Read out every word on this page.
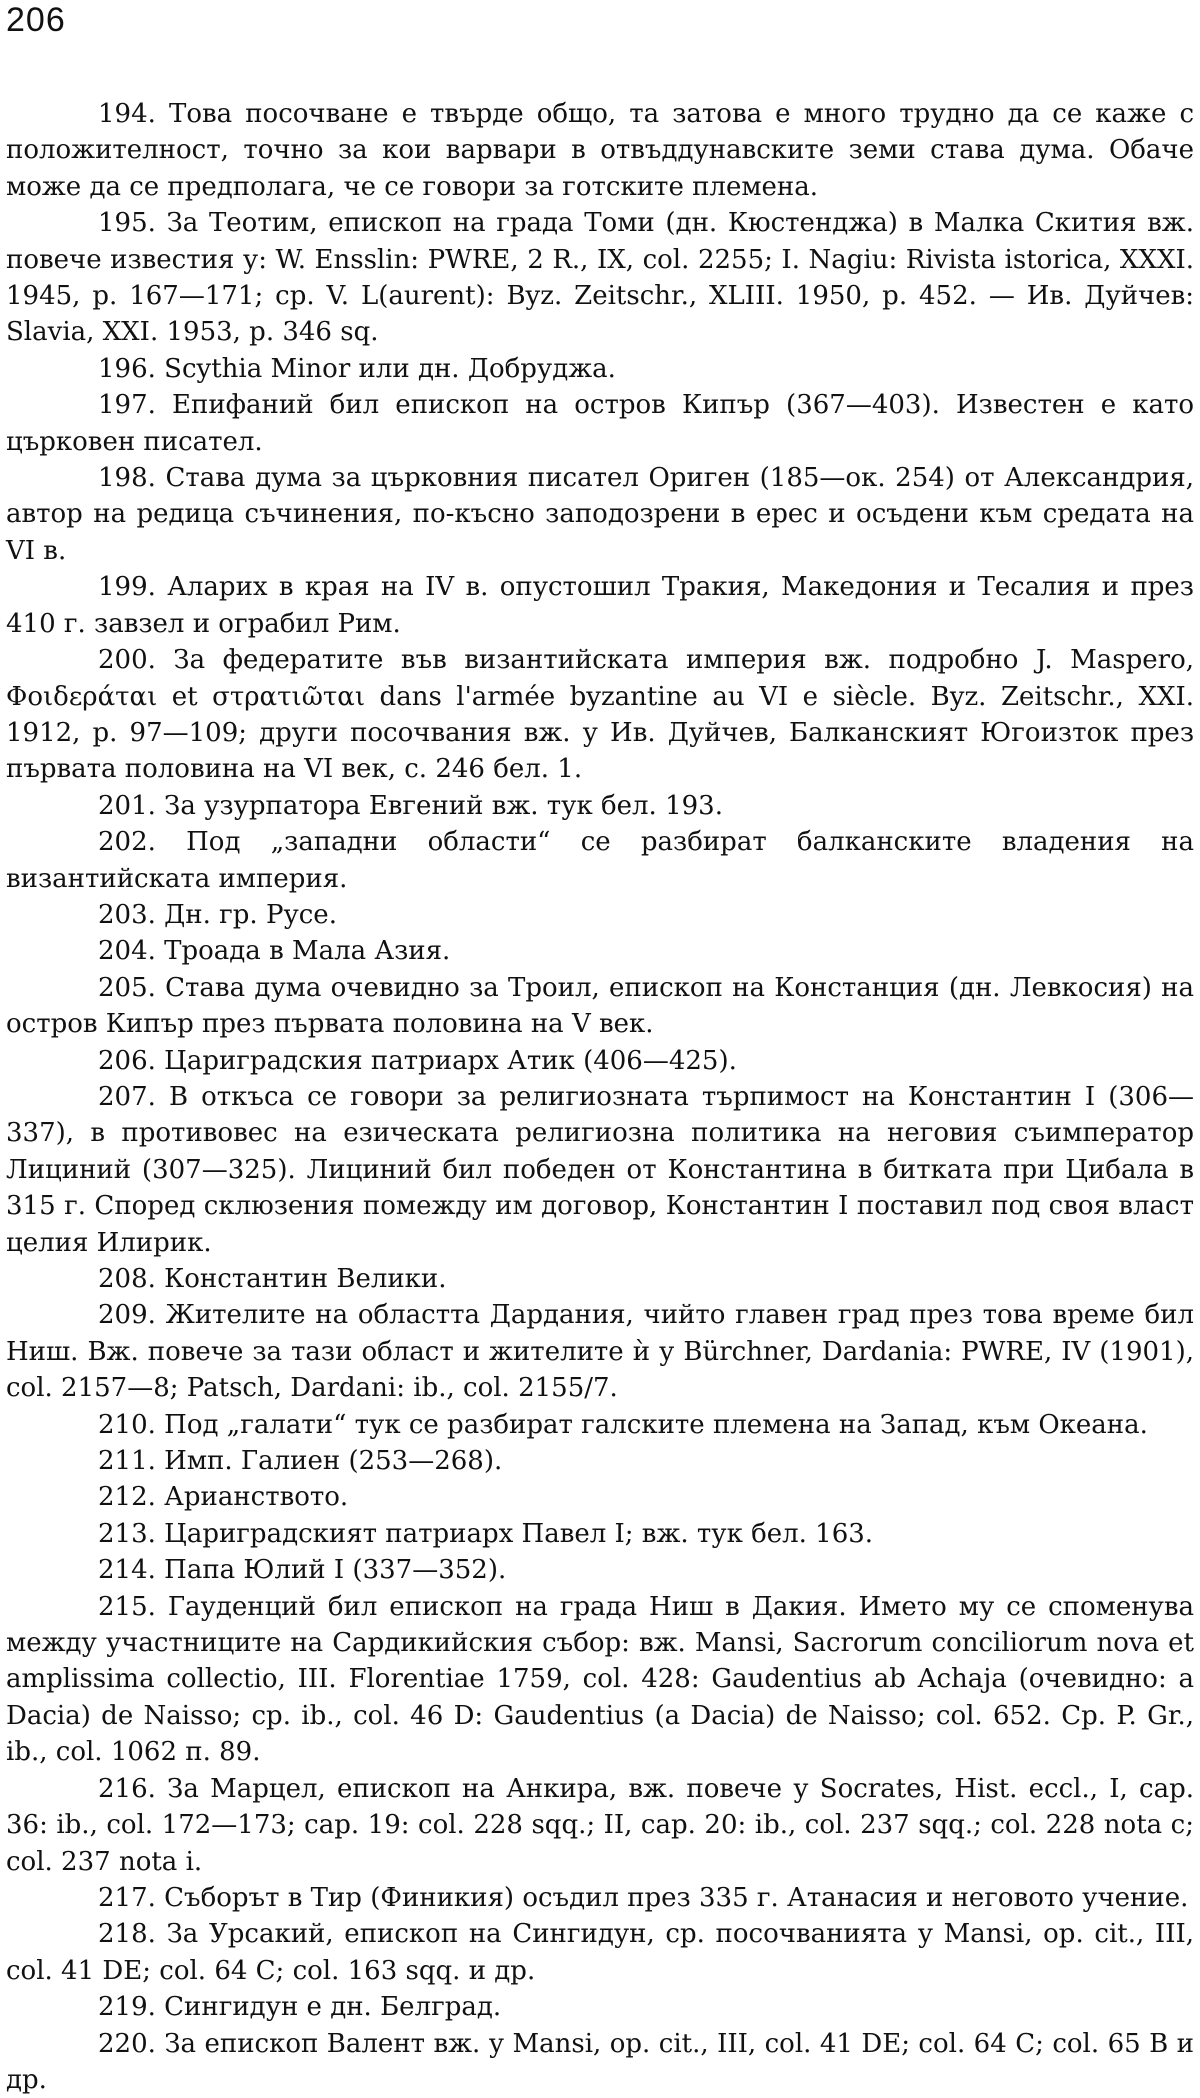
206

194. Това посочване е твърде общо, та затова е много трудно да се каже с положителност, точно за кои варвари в отвъддунавските земи става дума. Обаче може да се предполага, че се говори за готските племена.

195. За Теотим, епископ на града Томи (дн. Кюстенджа) в Малка Скития вж. повече известия у: W. Ensslin: PWRE, 2 R., IX, col. 2255; I. Nagiu: Rivista istorica, XXXI. 1945, p. 167—171; ср. V. L(aurent): Byz. Zeitschr., XLIII. 1950, p. 452. — Ив. Дуйчев: Slavia, XXI. 1953, p. 346 sq.

196. Scythia Minor или дн. Добруджа.

197. Епифаний бил епископ на остров Кипър (367—403). Известен е като църковен писател.

198. Става дума за църковния писател Ориген (185—ок. 254) от Александрия, автор на редица съчинения, по-късно заподозрени в ерес и осъдени към средата на VI в.

199. Аларих в края на IV в. опустошил Тракия, Македония и Тесалия и през 410 г. завзел и ограбил Рим.

200. За федератите във византийската империя вж. подробно J. Maspero, Φοιδεράται et στρατιῶται dans l'armée byzantine au VI e siècle. Byz. Zeitschr., XXI. 1912, p. 97—109; други посочвания вж. у Ив. Дуйчев, Балканският Югоизток през първата половина на VI век, с. 246 бел. 1.

201. За узурпатора Евгений вж. тук бел. 193.

202. Под „западни области“ се разбират балканските владения на византийската империя.

203. Дн. гр. Русе.

204. Троада в Мала Азия.

205. Става дума очевидно за Троил, епископ на Констанция (дн. Левкосия) на остров Кипър през първата половина на V век.

206. Цариградския патриарх Атик (406—425).

207. В откъса се говори за религиозната търпимост на Константин I (306—337), в противовес на езическата религиозна политика на неговия съимператор Лициний (307—325). Лициний бил победен от Константина в битката при Цибала в 315 г. Според склюзения помежду им договор, Константин I поставил под своя власт целия Илирик.

208. Константин Велики.

209. Жителите на областта Дардания, чийто главен град през това време бил Ниш. Вж. повече за тази област и жителите ѝ у Bürchner, Dardania: PWRE, IV (1901), col. 2157—8; Patsch, Dardani: ib., col. 2155/7.

210. Под „галати“ тук се разбират галските племена на Запад, към Океана.

211. Имп. Галиен (253—268).

212. Арианството.

213. Цариградският патриарх Павел I; вж. тук бел. 163.

214. Папа Юлий I (337—352).

215. Гауденций бил епископ на града Ниш в Дакия. Името му се споменува между участниците на Сардикийския събор: вж. Mansi, Sacrorum conciliorum nova et amplissima collectio, III. Florentiae 1759, col. 428: Gaudentius ab Achaja (очевидно: a Dacia) de Naisso; ср. ib., col. 46 D: Gaudentius (a Dacia) de Naisso; col. 652. Ср. P. Gr., ib., col. 1062 п. 89.

216. За Марцел, епископ на Анкира, вж. повече у Socrates, Hist. eccl., I, cap. 36: ib., col. 172—173; cap. 19: col. 228 sqq.; II, cap. 20: ib., col. 237 sqq.; col. 228 nota c; col. 237 nota i.

217. Съборът в Тир (Финикия) осъдил през 335 г. Атанасия и неговото учение.

218. За Урсакий, епископ на Сингидун, ср. посочванията у Mansi, op. cit., III, col. 41 DE; col. 64 C; col. 163 sqq. и др.

219. Сингидун е дн. Белград.

220. За епископ Валент вж. у Mansi, op. cit., III, col. 41 DE; col. 64 C; col. 65 B и др.
